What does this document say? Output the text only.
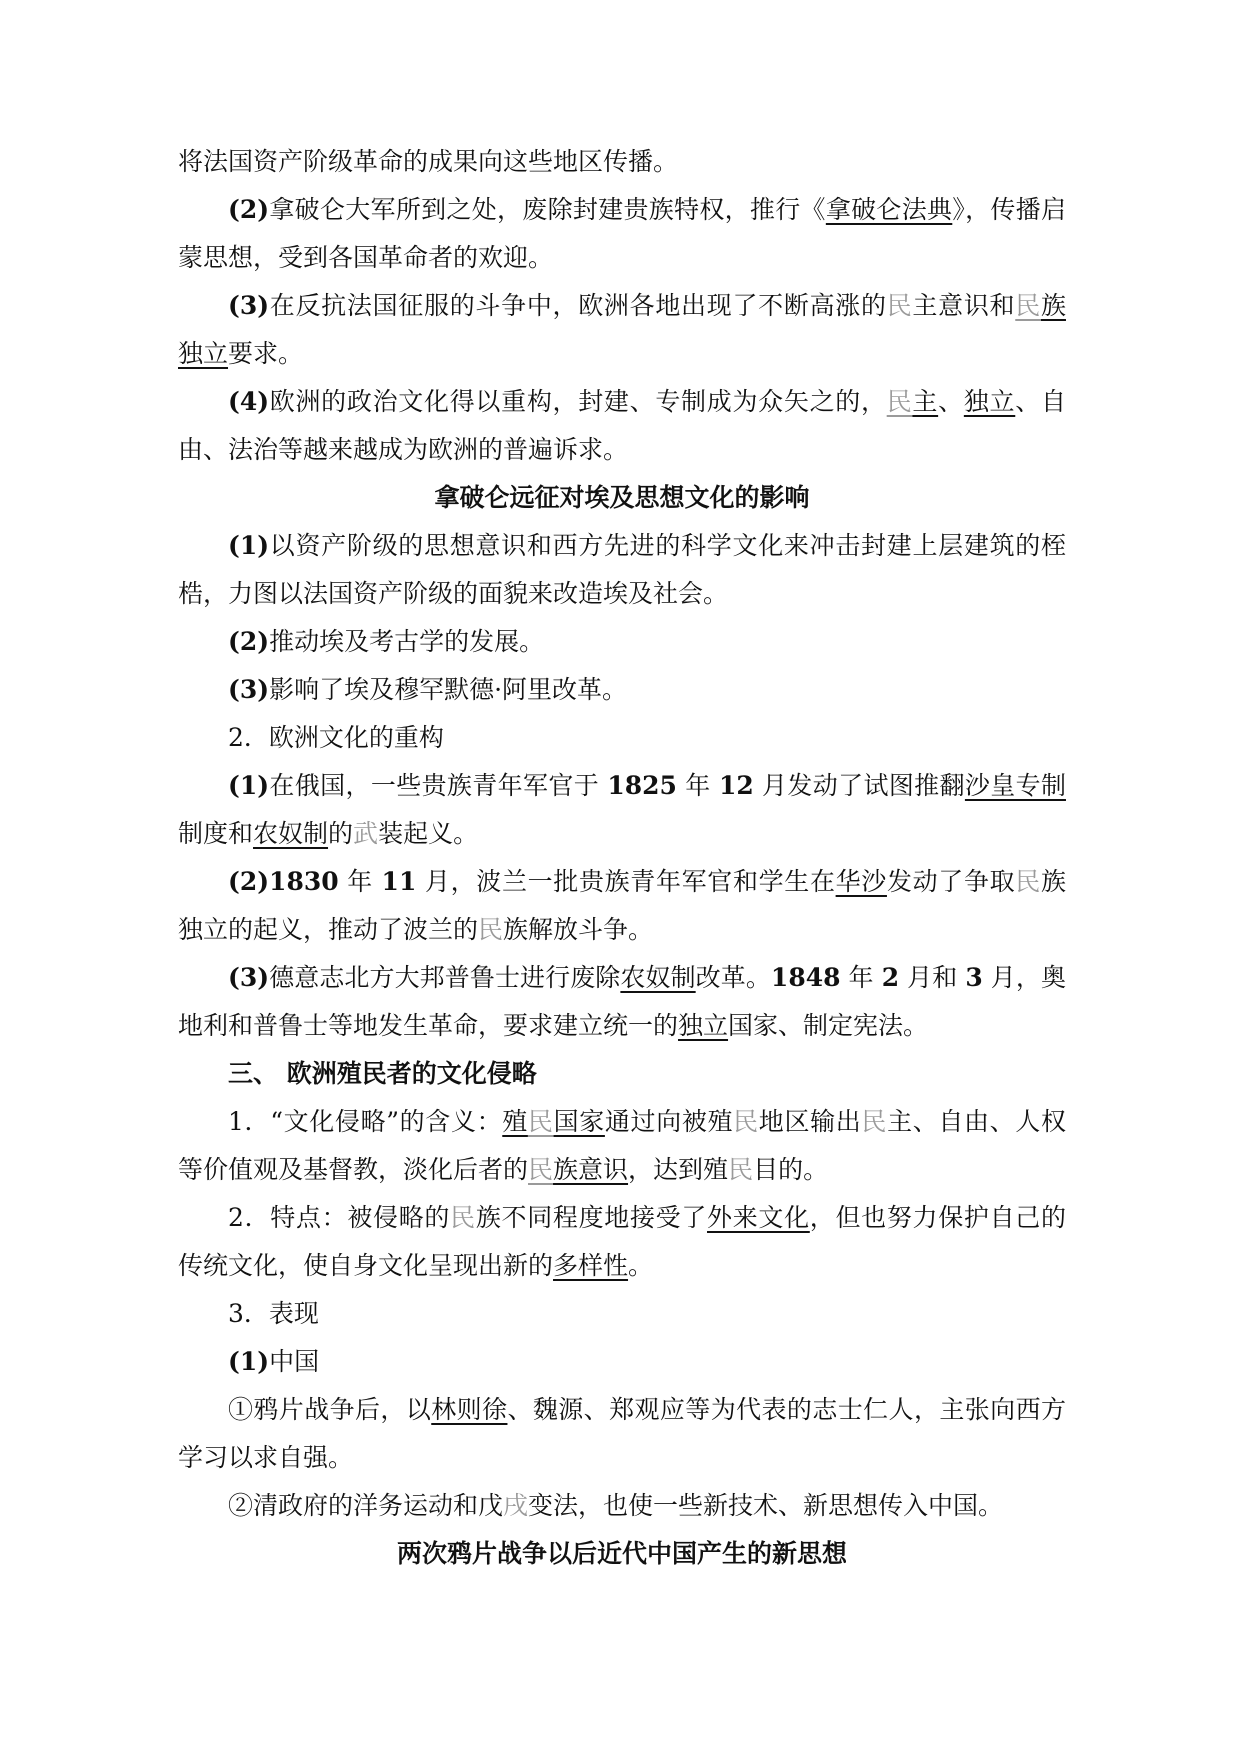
将法国资产阶级革命的成果向这些地区传播。

(2)拿破仑大军所到之处，废除封建贵族特权，推行《拿破仑法典》，传播启蒙思想，受到各国革命者的欢迎。

(3)在反抗法国征服的斗争中，欧洲各地出现了不断高涨的民主意识和民族独立要求。

(4)欧洲的政治文化得以重构，封建、专制成为众矢之的，民主、独立、自由、法治等越来越成为欧洲的普遍诉求。

拿破仑远征对埃及思想文化的影响

(1)以资产阶级的思想意识和西方先进的科学文化来冲击封建上层建筑的桎梏，力图以法国资产阶级的面貌来改造埃及社会。

(2)推动埃及考古学的发展。

(3)影响了埃及穆罕默德·阿里改革。

2．欧洲文化的重构

(1)在俄国，一些贵族青年军官于 1825 年 12 月发动了试图推翻沙皇专制制度和农奴制的武装起义。

(2)1830 年 11 月，波兰一批贵族青年军官和学生在华沙发动了争取民族独立的起义，推动了波兰的民族解放斗争。

(3)德意志北方大邦普鲁士进行废除农奴制改革。1848 年 2 月和 3 月，奥地利和普鲁士等地发生革命，要求建立统一的独立国家、制定宪法。

三、 欧洲殖民者的文化侵略

1．“文化侵略”的含义：殖民国家通过向被殖民地区输出民主、自由、人权等价值观及基督教，淡化后者的民族意识，达到殖民目的。

2．特点：被侵略的民族不同程度地接受了外来文化，但也努力保护自己的传统文化，使自身文化呈现出新的多样性。

3．表现

(1)中国

①鸦片战争后，以林则徐、魏源、郑观应等为代表的志士仁人，主张向西方学习以求自强。

②清政府的洋务运动和戊戌变法，也使一些新技术、新思想传入中国。

两次鸦片战争以后近代中国产生的新思想
